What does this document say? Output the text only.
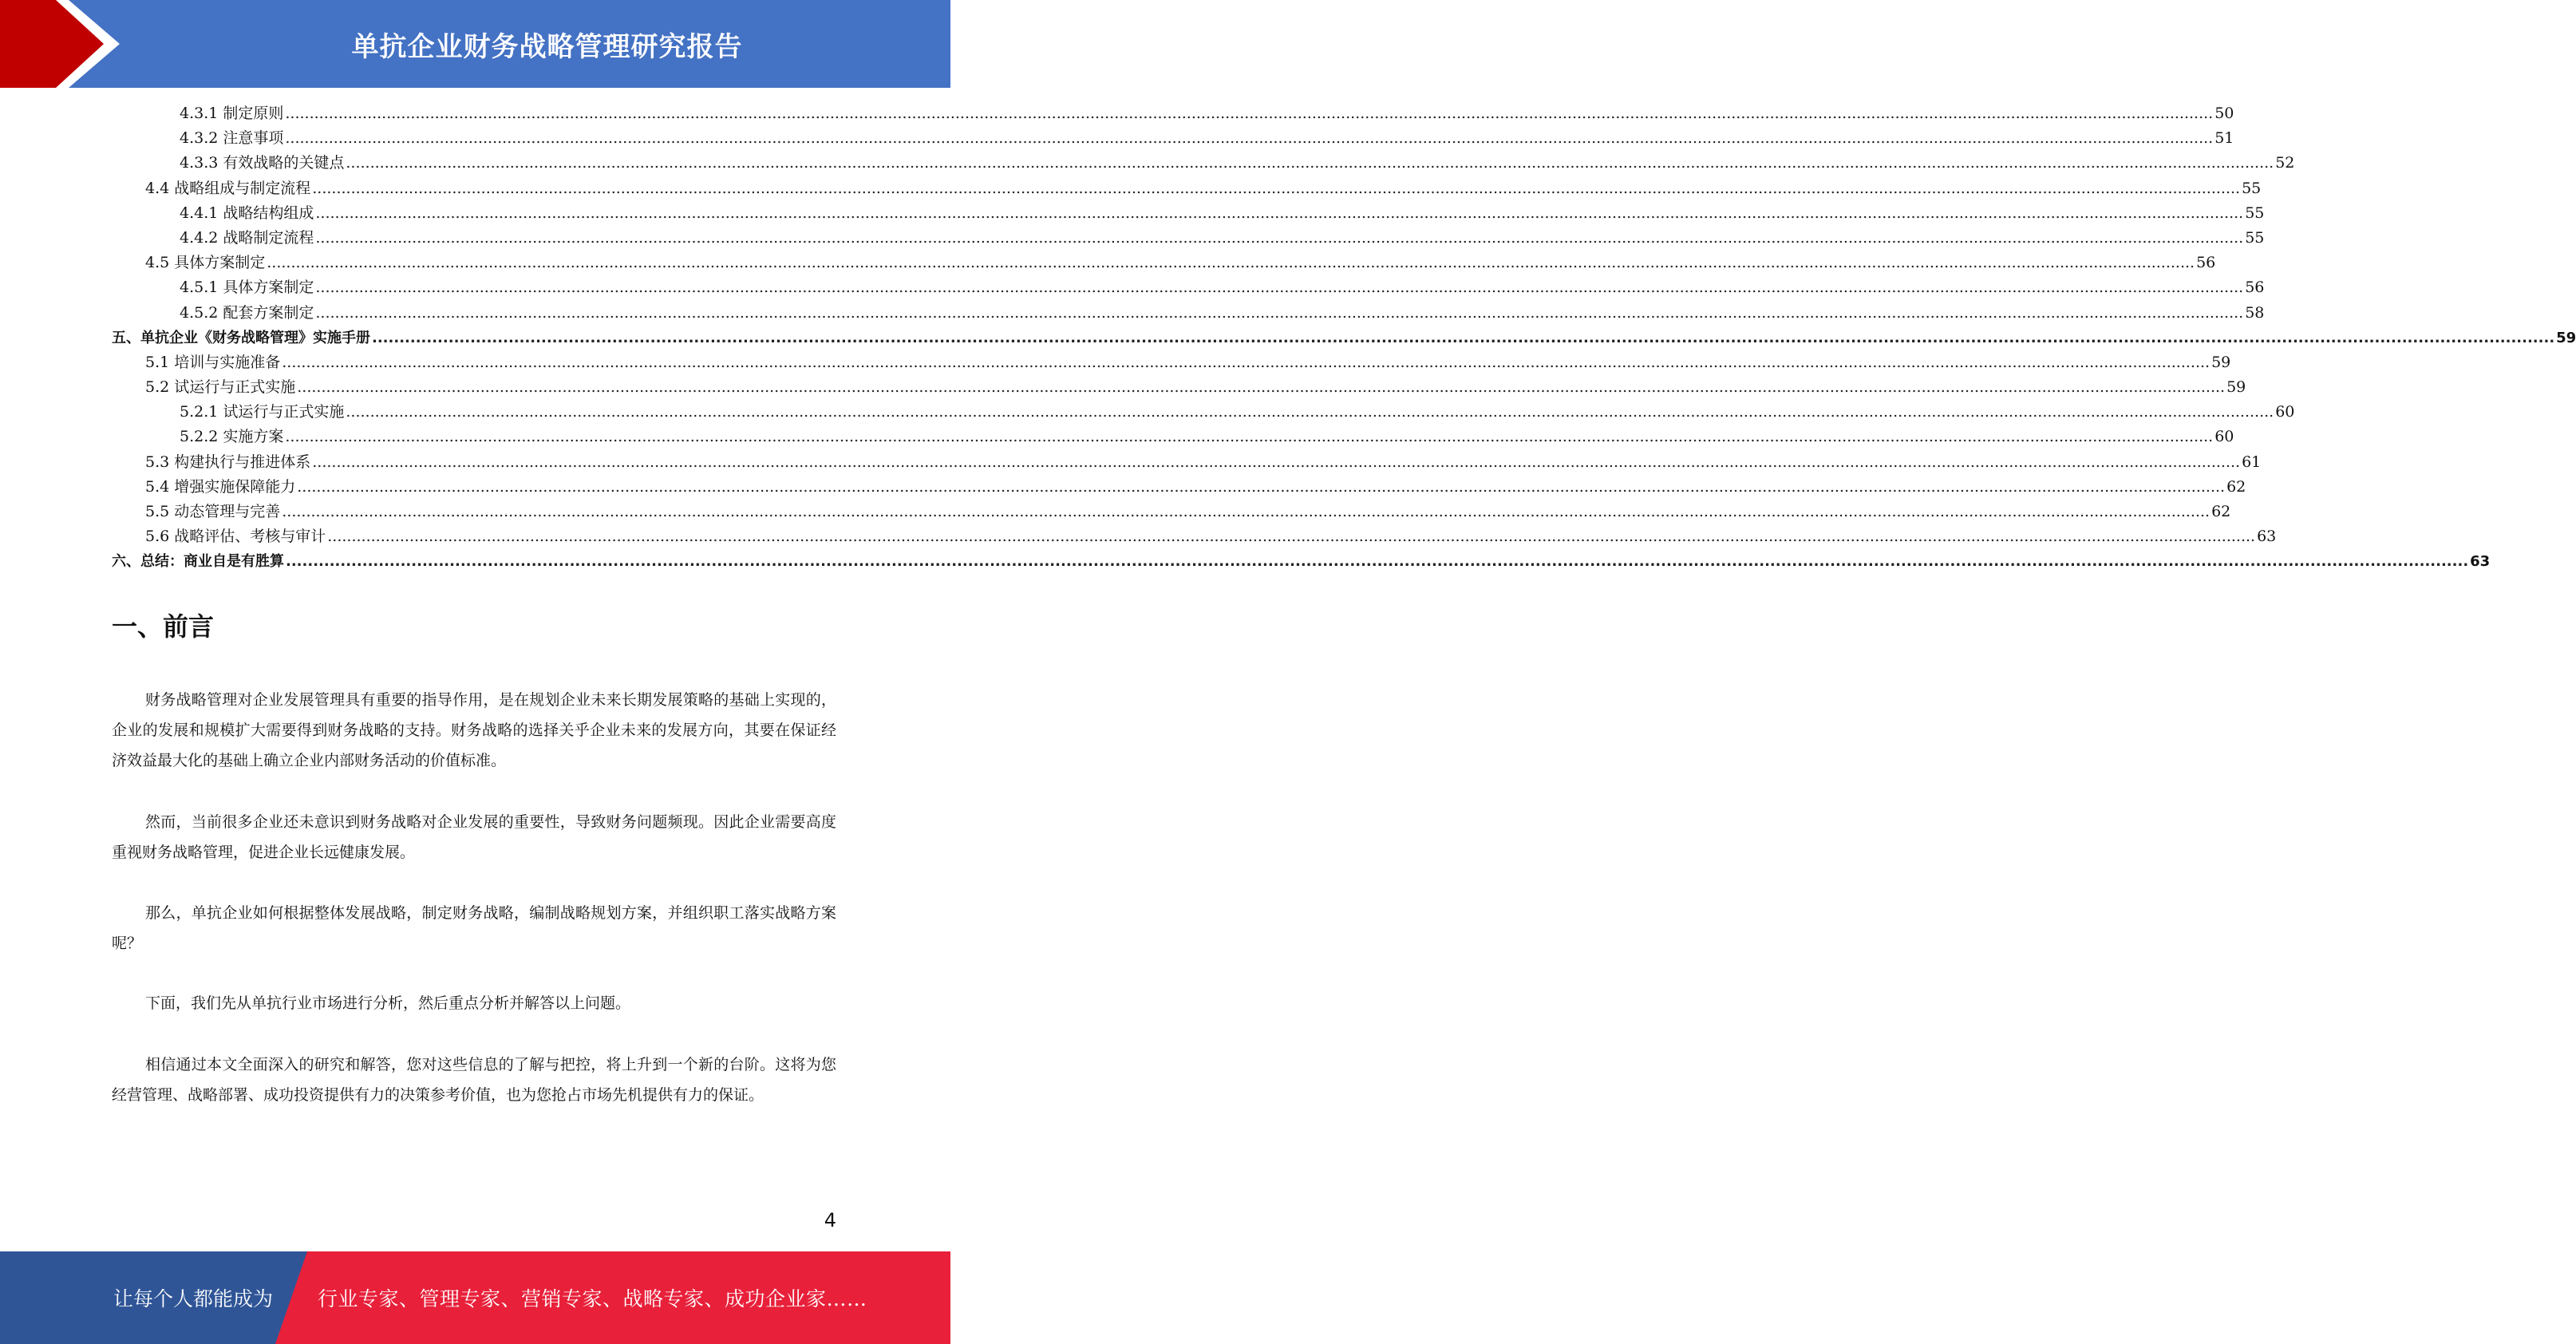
单抗企业财务战略管理研究报告
4.3.1 制定原则 ................................................................................................................................................................................................................................................................................................................................................................................................................ 50
4.3.2 注意事项 ................................................................................................................................................................................................................................................................................................................................................................................................................ 51
4.3.3 有效战略的关键点 ................................................................................................................................................................................................................................................................................................................................................................................................................ 52
4.4 战略组成与制定流程 ................................................................................................................................................................................................................................................................................................................................................................................................................ 55
4.4.1 战略结构组成 ................................................................................................................................................................................................................................................................................................................................................................................................................ 55
4.4.2 战略制定流程 ................................................................................................................................................................................................................................................................................................................................................................................................................ 55
4.5 具体方案制定 ................................................................................................................................................................................................................................................................................................................................................................................................................ 56
4.5.1 具体方案制定 ................................................................................................................................................................................................................................................................................................................................................................................................................ 56
4.5.2 配套方案制定 ................................................................................................................................................................................................................................................................................................................................................................................................................ 58
五、单抗企业《财务战略管理》实施手册 ................................................................................................................................................................................................................................................................................................................................................................................................................ 59
5.1 培训与实施准备 ................................................................................................................................................................................................................................................................................................................................................................................................................ 59
5.2 试运行与正式实施 ................................................................................................................................................................................................................................................................................................................................................................................................................ 59
5.2.1 试运行与正式实施 ................................................................................................................................................................................................................................................................................................................................................................................................................ 60
5.2.2 实施方案 ................................................................................................................................................................................................................................................................................................................................................................................................................ 60
5.3 构建执行与推进体系 ................................................................................................................................................................................................................................................................................................................................................................................................................ 61
5.4 增强实施保障能力 ................................................................................................................................................................................................................................................................................................................................................................................................................ 62
5.5 动态管理与完善 ................................................................................................................................................................................................................................................................................................................................................................................................................ 62
5.6 战略评估、考核与审计 ................................................................................................................................................................................................................................................................................................................................................................................................................ 63
六、总结：商业自是有胜算 ................................................................................................................................................................................................................................................................................................................................................................................................................ 63
一、前言

财务战略管理对企业发展管理具有重要的指导作用，是在规划企业未来长期发展策略的基础上实现的，企业的发展和规模扩大需要得到财务战略的支持。财务战略的选择关乎企业未来的发展方向，其要在保证经济效益最大化的基础上确立企业内部财务活动的价值标准。

然而，当前很多企业还未意识到财务战略对企业发展的重要性，导致财务问题频现。因此企业需要高度重视财务战略管理，促进企业长远健康发展。

那么，单抗企业如何根据整体发展战略，制定财务战略，编制战略规划方案，并组织职工落实战略方案呢？

下面，我们先从单抗行业市场进行分析，然后重点分析并解答以上问题。

相信通过本文全面深入的研究和解答，您对这些信息的了解与把控，将上升到一个新的台阶。这将为您经营管理、战略部署、成功投资提供有力的决策参考价值，也为您抢占市场先机提供有力的保证。

4
让每个人都能成为 行业专家、管理专家、营销专家、战略专家、成功企业家……
